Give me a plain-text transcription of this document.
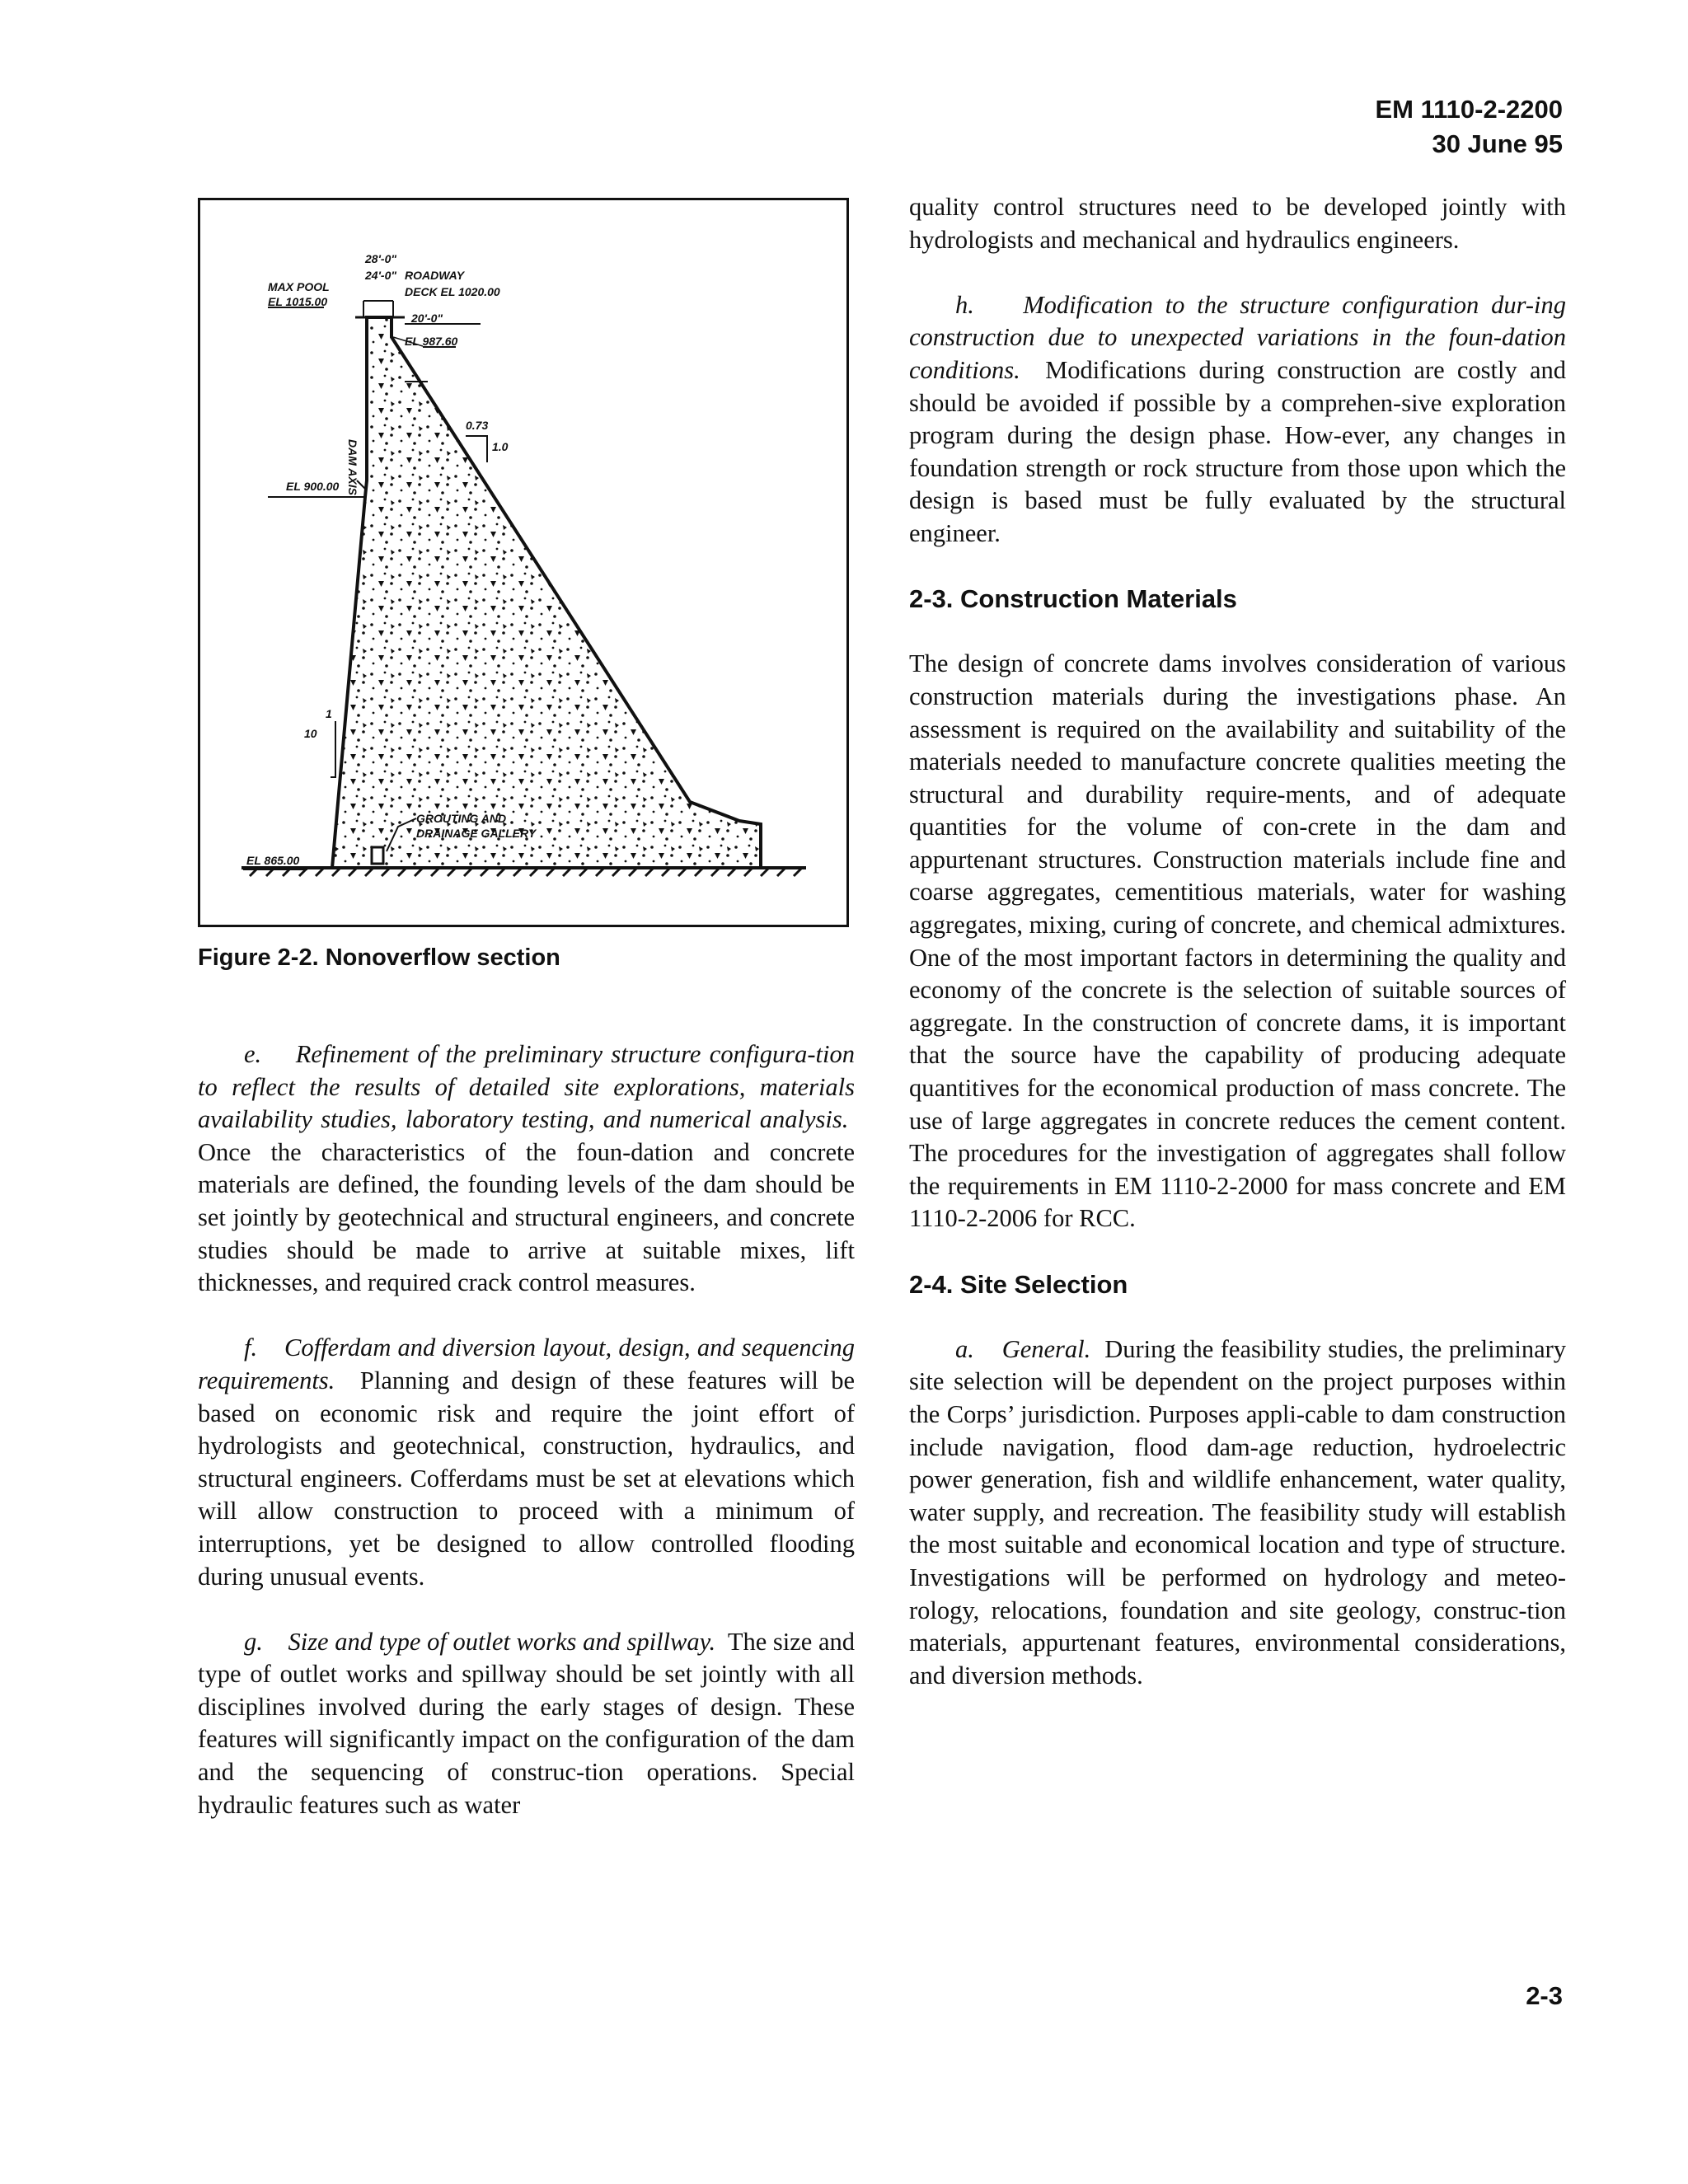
EM 1110-2-2200
30 June 95
MAX POOL
EL 1015.00
28'-0"
24'-0" ROADWAY
DECK EL 1020.00
20'-0"
EL 987.60
DAM AXIS
0.73
1.0
EL 900.00
1
10
GROUTING AND
DRAINAGE GALLERY
EL 865.00
Figure 2-2. Nonoverflow section

e. Refinement of the preliminary structure configura-tion to reflect the results of detailed site explorations, materials availability studies, laboratory testing, and numerical analysis.  Once the characteristics of the foun-dation and concrete materials are defined, the founding levels of the dam should be set jointly by geotechnical and structural engineers, and concrete studies should be made to arrive at suitable mixes, lift thicknesses, and required crack control measures.

f. Cofferdam and diversion layout, design, and sequencing requirements. Planning and design of these features will be based on economic risk and require the joint effort of hydrologists and geotechnical, construction, hydraulics, and structural engineers. Cofferdams must be set at elevations which will allow construction to proceed with a minimum of interruptions, yet be designed to allow controlled flooding during unusual events.

g. Size and type of outlet works and spillway. The size and type of outlet works and spillway should be set jointly with all disciplines involved during the early stages of design. These features will significantly impact on the configuration of the dam and the sequencing of construc-tion operations. Special hydraulic features such as water

quality control structures need to be developed jointly with hydrologists and mechanical and hydraulics engineers.

h. Modification to the structure configuration dur-ing construction due to unexpected variations in the foun-dation conditions. Modifications during construction are costly and should be avoided if possible by a comprehen-sive exploration program during the design phase. How-ever, any changes in foundation strength or rock structure from those upon which the design is based must be fully evaluated by the structural engineer.

2-3. Construction Materials

The design of concrete dams involves consideration of various construction materials during the investigations phase. An assessment is required on the availability and suitability of the materials needed to manufacture concrete qualities meeting the structural and durability require-ments, and of adequate quantities for the volume of con-crete in the dam and appurtenant structures. Construction materials include fine and coarse aggregates, cementitious materials, water for washing aggregates, mixing, curing of concrete, and chemical admixtures. One of the most important factors in determining the quality and economy of the concrete is the selection of suitable sources of aggregate. In the construction of concrete dams, it is important that the source have the capability of producing adequate quantitives for the economical production of mass concrete. The use of large aggregates in concrete reduces the cement content. The procedures for the investigation of aggregates shall follow the requirements in EM 1110-2-2000 for mass concrete and EM 1110-2-2006 for RCC.

2-4. Site Selection

a. General. During the feasibility studies, the preliminary site selection will be dependent on the project purposes within the Corps’ jurisdiction. Purposes appli-cable to dam construction include navigation, flood dam-age reduction, hydroelectric power generation, fish and wildlife enhancement, water quality, water supply, and recreation. The feasibility study will establish the most suitable and economical location and type of structure. Investigations will be performed on hydrology and meteo-rology, relocations, foundation and site geology, construc-tion materials, appurtenant features, environmental considerations, and diversion methods.

2-3
